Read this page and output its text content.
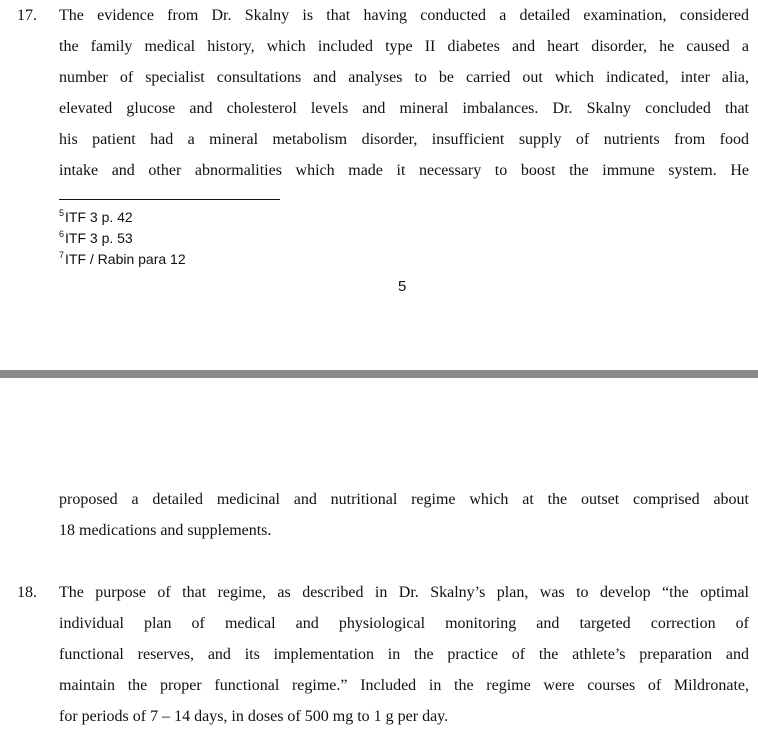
17. The evidence from Dr. Skalny is that having conducted a detailed examination, considered
the family medical history, which included type II diabetes and heart disorder, he caused a
number of specialist consultations and analyses to be carried out which indicated, inter alia,
elevated glucose and cholesterol levels and mineral imbalances. Dr. Skalny concluded that
his patient had a mineral metabolism disorder, insufficient supply of nutrients from food
intake and other abnormalities which made it necessary to boost the immune system. He
$^5$ITF 3 p. 42
$^6$ITF 3 p. 53
$^7$ITF / Rabin para 12
5
proposed a detailed medicinal and nutritional regime which at the outset comprised about
18 medications and supplements.
18. The purpose of that regime, as described in Dr. Skalny’s plan, was to develop “the optimal
individual plan of medical and physiological monitoring and targeted correction of
functional reserves, and its implementation in the practice of the athlete’s preparation and
maintain the proper functional regime.” Included in the regime were courses of Mildronate,
for periods of 7 – 14 days, in doses of 500 mg to 1 g per day.
